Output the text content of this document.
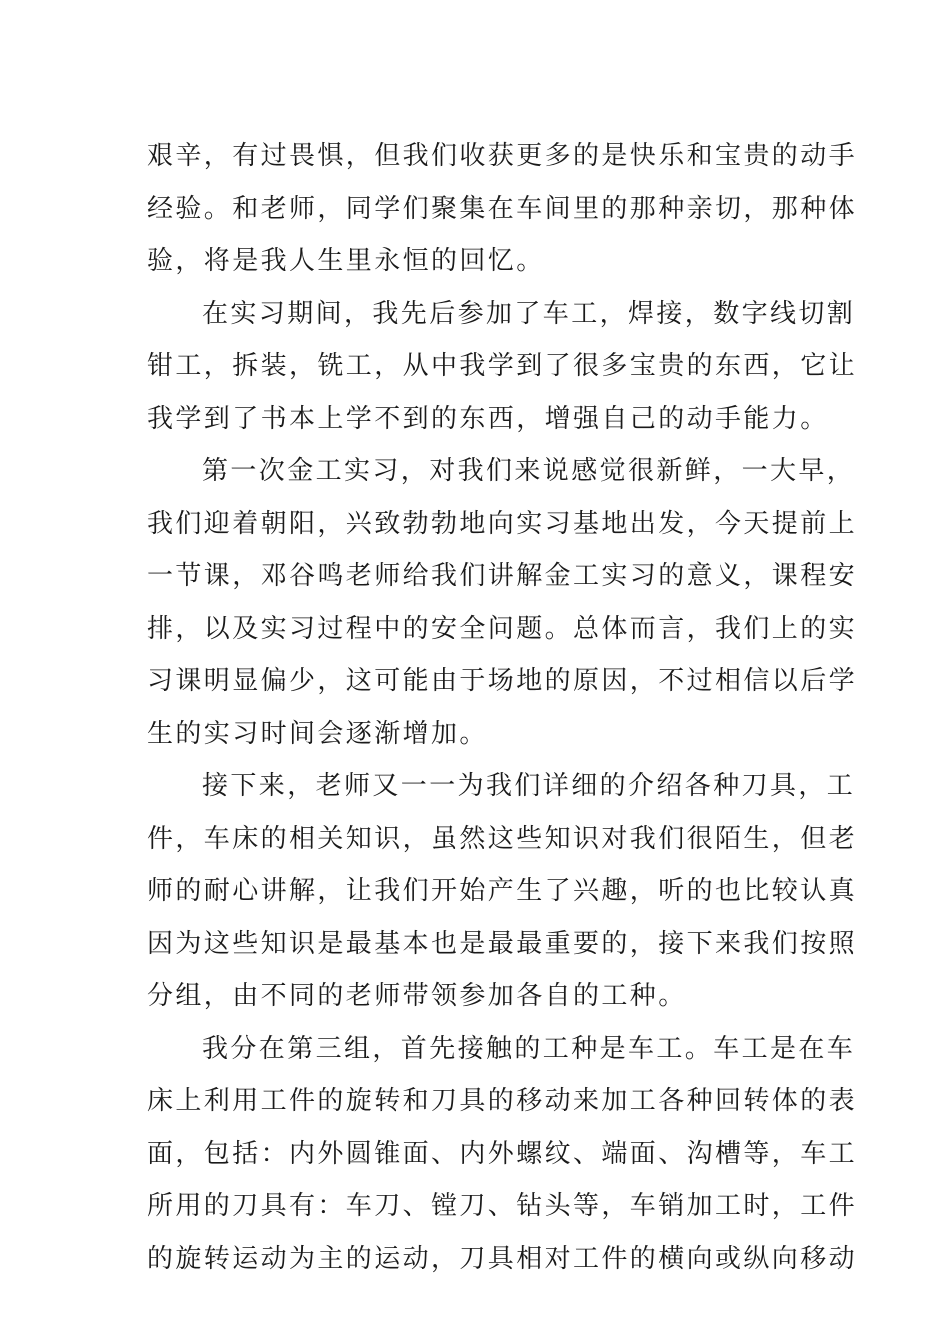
艰辛，有过畏惧，但我们收获更多的是快乐和宝贵的动手
经验。和老师，同学们聚集在车间里的那种亲切，那种体
验，将是我人生里永恒的回忆。
在实习期间，我先后参加了车工，焊接，数字线切割
钳工，拆装，铣工，从中我学到了很多宝贵的东西，它让
我学到了书本上学不到的东西，增强自己的动手能力。
第一次金工实习，对我们来说感觉很新鲜，一大早，
我们迎着朝阳，兴致勃勃地向实习基地出发，今天提前上
一节课，邓谷鸣老师给我们讲解金工实习的意义，课程安
排，以及实习过程中的安全问题。总体而言，我们上的实
习课明显偏少，这可能由于场地的原因，不过相信以后学
生的实习时间会逐渐增加。
接下来，老师又一一为我们详细的介绍各种刀具，工
件，车床的相关知识，虽然这些知识对我们很陌生，但老
师的耐心讲解，让我们开始产生了兴趣，听的也比较认真
因为这些知识是最基本也是最最重要的，接下来我们按照
分组，由不同的老师带领参加各自的工种。
我分在第三组，首先接触的工种是车工。车工是在车
床上利用工件的旋转和刀具的移动来加工各种回转体的表
面，包括：内外圆锥面、内外螺纹、端面、沟槽等，车工
所用的刀具有：车刀、镗刀、钻头等，车销加工时，工件
的旋转运动为主的运动，刀具相对工件的横向或纵向移动
